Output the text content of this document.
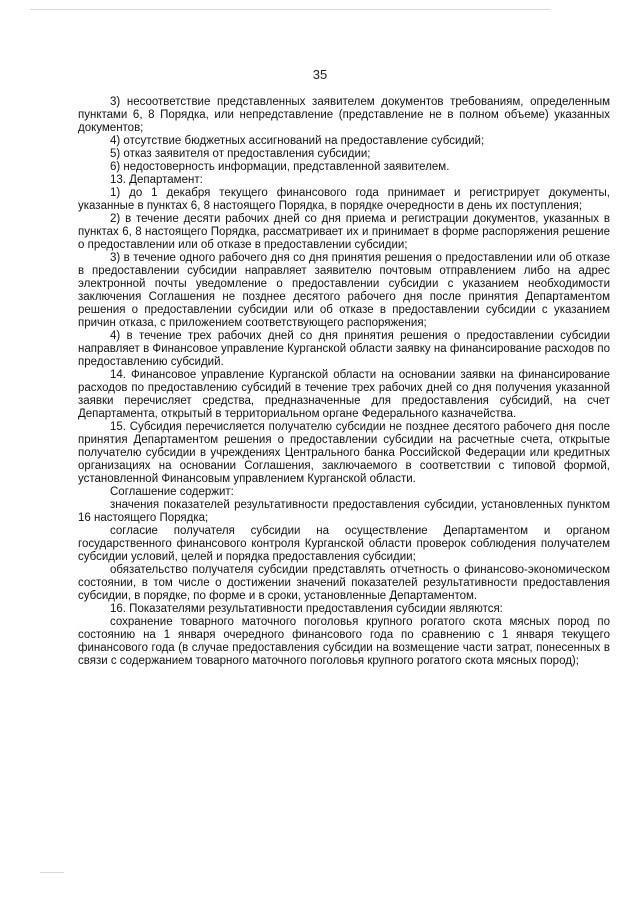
35

3) несоответствие представленных заявителем документов требованиям, определенным пунктами 6, 8 Порядка, или непредставление (представление не в полном объеме) указанных документов;

4) отсутствие бюджетных ассигнований на предоставление субсидий;

5) отказ заявителя от предоставления субсидии;

6) недостоверность информации, представленной заявителем.

13. Департамент:

1) до 1 декабря текущего финансового года принимает и регистрирует документы, указанные в пунктах 6, 8 настоящего Порядка, в порядке очередности в день их поступления;

2) в течение десяти рабочих дней со дня приема и регистрации документов, указанных в пунктах 6, 8 настоящего Порядка, рассматривает их и принимает в форме распоряжения решение о предоставлении или об отказе в предоставлении субсидии;

3) в течение одного рабочего дня со дня принятия решения о предоставлении или об отказе в предоставлении субсидии направляет заявителю почтовым отправлением либо на адрес электронной почты уведомление о предоставлении субсидии с указанием необходимости заключения Соглашения не позднее десятого рабочего дня после принятия Департаментом решения о предоставлении субсидии или об отказе в предоставлении субсидии с указанием причин отказа, с приложением соответствующего распоряжения;

4) в течение трех рабочих дней со дня принятия решения о предоставлении субсидии направляет в Финансовое управление Курганской области заявку на финансирование расходов по предоставлению субсидий.

14. Финансовое управление Курганской области на основании заявки на финансирование расходов по предоставлению субсидий в течение трех рабочих дней со дня получения указанной заявки перечисляет средства, предназначенные для предоставления субсидий, на счет Департамента, открытый в территориальном органе Федерального казначейства.

15. Субсидия перечисляется получателю субсидии не позднее десятого рабочего дня после принятия Департаментом решения о предоставлении субсидии на расчетные счета, открытые получателю субсидии в учреждениях Центрального банка Российской Федерации или кредитных организациях на основании Соглашения, заключаемого в соответствии с типовой формой, установленной Финансовым управлением Курганской области.

Соглашение содержит:

значения показателей результативности предоставления субсидии, установленных пунктом 16 настоящего Порядка;

согласие получателя субсидии на осуществление Департаментом и органом государственного финансового контроля Курганской области проверок соблюдения получателем субсидии условий, целей и порядка предоставления субсидии;

обязательство получателя субсидии представлять отчетность о финансово-экономическом состоянии, в том числе о достижении значений показателей результативности предоставления субсидии, в порядке, по форме и в сроки, установленные Департаментом.

16. Показателями результативности предоставления субсидии являются:

сохранение товарного маточного поголовья крупного рогатого скота мясных пород по состоянию на 1 января очередного финансового года по сравнению с 1 января текущего финансового года (в случае предоставления субсидии на возмещение части затрат, понесенных в связи с содержанием товарного маточного поголовья крупного рогатого скота мясных пород);
